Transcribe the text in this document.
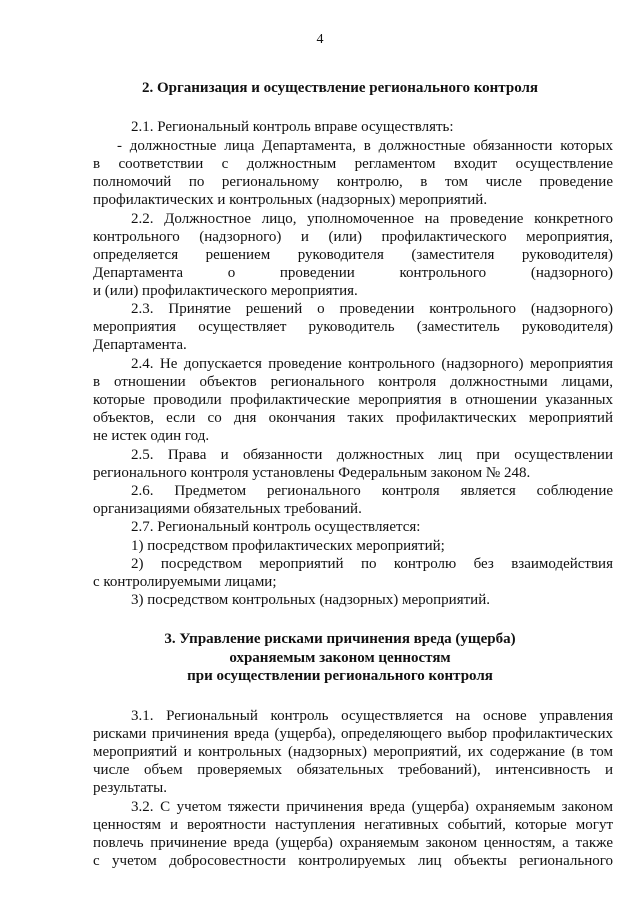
4
2. Организация и осуществление регионального контроля
2.1. Региональный контроль вправе осуществлять:
- должностные лица Департамента, в должностные обязанности которых
в соответствии с должностным регламентом входит осуществление
полномочий по региональному контролю, в том числе проведение
профилактических и контрольных (надзорных) мероприятий.
2.2. Должностное лицо, уполномоченное на проведение конкретного
контрольного (надзорного) и (или) профилактического мероприятия,
определяется решением руководителя (заместителя руководителя)
Департамента о проведении контрольного (надзорного)
и (или) профилактического мероприятия.
2.3. Принятие решений о проведении контрольного (надзорного)
мероприятия осуществляет руководитель (заместитель руководителя)
Департамента.
2.4. Не допускается проведение контрольного (надзорного) мероприятия
в отношении объектов регионального контроля должностными лицами,
которые проводили профилактические мероприятия в отношении указанных
объектов, если со дня окончания таких профилактических мероприятий
не истек один год.
2.5. Права и обязанности должностных лиц при осуществлении
регионального контроля установлены Федеральным законом № 248.
2.6. Предметом регионального контроля является соблюдение
организациями обязательных требований.
2.7. Региональный контроль осуществляется:
1) посредством профилактических мероприятий;
2) посредством мероприятий по контролю без взаимодействия
с контролируемыми лицами;
3) посредством контрольных (надзорных) мероприятий.
3. Управление рисками причинения вреда (ущерба)
охраняемым законом ценностям
при осуществлении регионального контроля
3.1. Региональный контроль осуществляется на основе управления
рисками причинения вреда (ущерба), определяющего выбор профилактических
мероприятий и контрольных (надзорных) мероприятий, их содержание (в том
числе объем проверяемых обязательных требований), интенсивность и
результаты.
3.2. С учетом тяжести причинения вреда (ущерба) охраняемым законом
ценностям и вероятности наступления негативных событий, которые могут
повлечь причинение вреда (ущерба) охраняемым законом ценностям, а также
с учетом добросовестности контролируемых лиц объекты регионального
